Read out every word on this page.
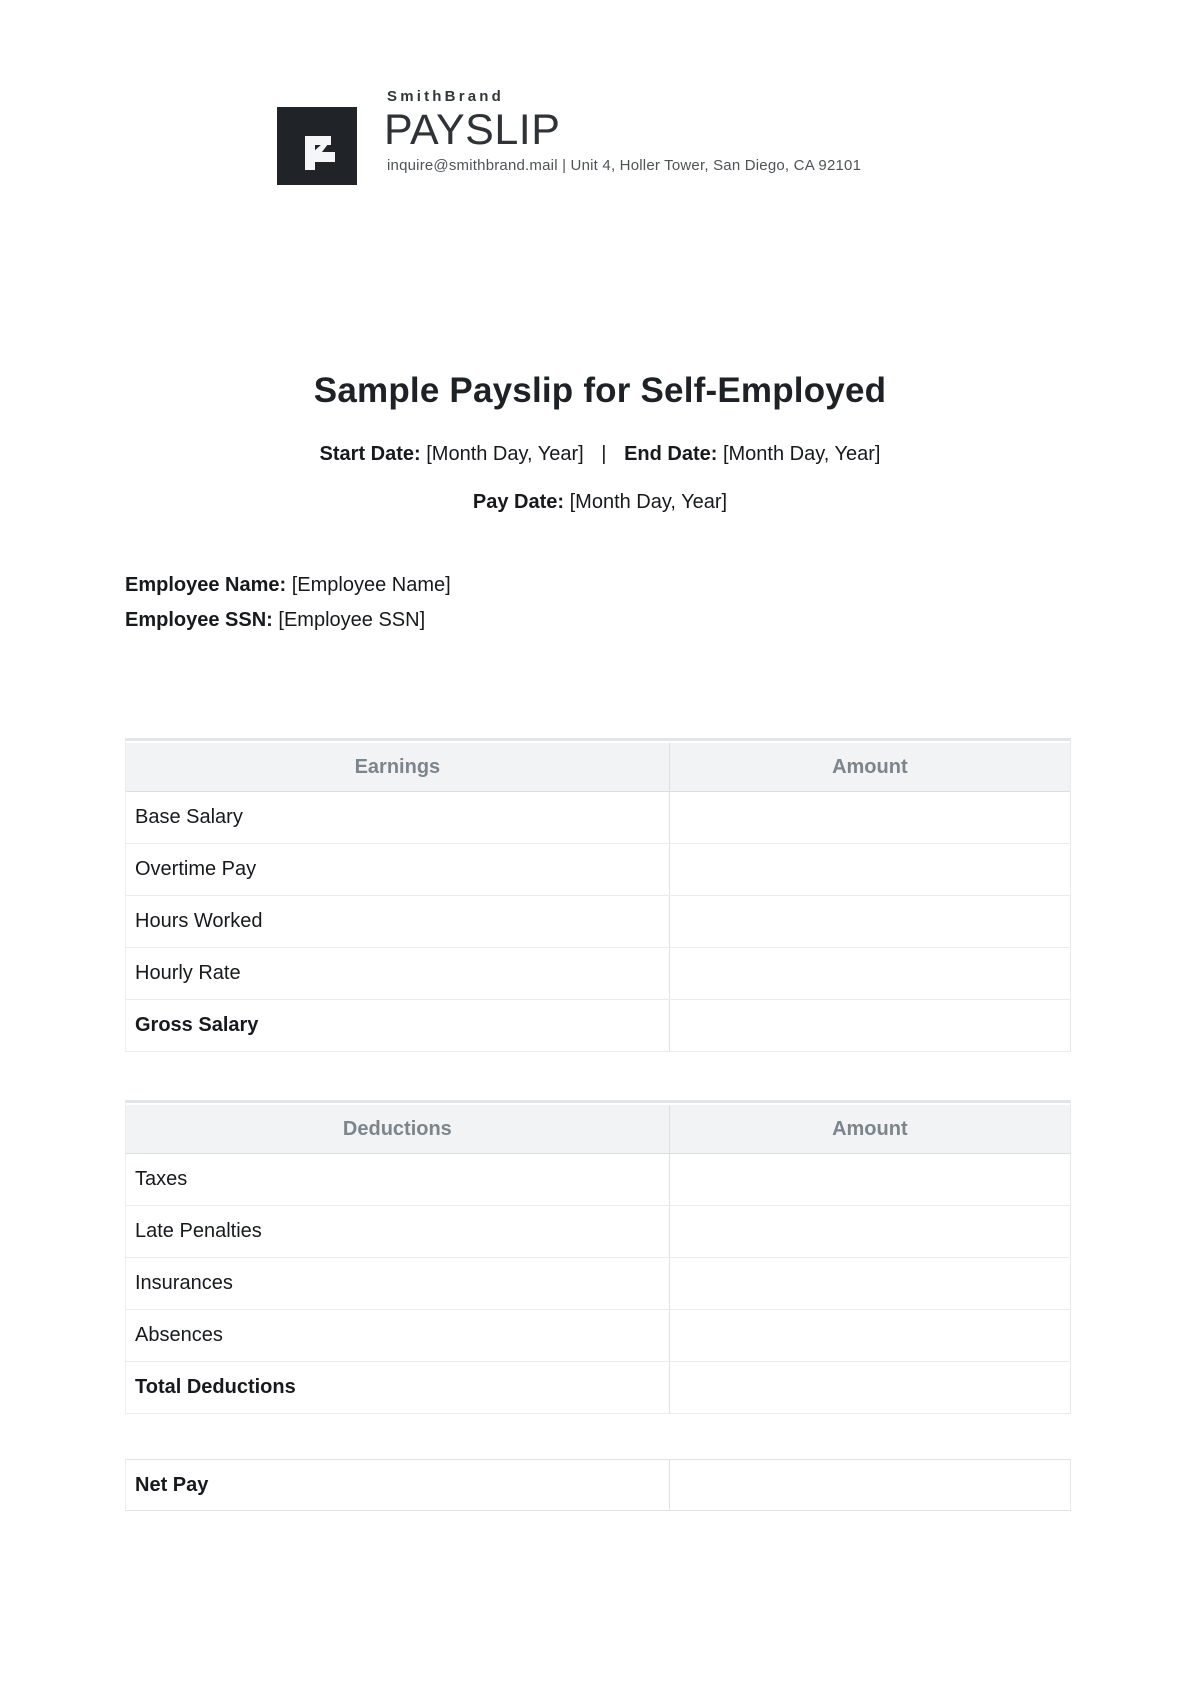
SmithBrand
PAYSLIP
inquire@smithbrand.mail | Unit 4, Holler Tower, San Diego, CA 92101
Sample Payslip for Self-Employed
Start Date: [Month Day, Year] | End Date: [Month Day, Year]
Pay Date: [Month Day, Year]
Employee Name: [Employee Name]
Employee SSN: [Employee SSN]
Earnings	Amount
Base Salary
Overtime Pay
Hours Worked
Hourly Rate
Gross Salary
Deductions	Amount
Taxes
Late Penalties
Insurances
Absences
Total Deductions
Net Pay
